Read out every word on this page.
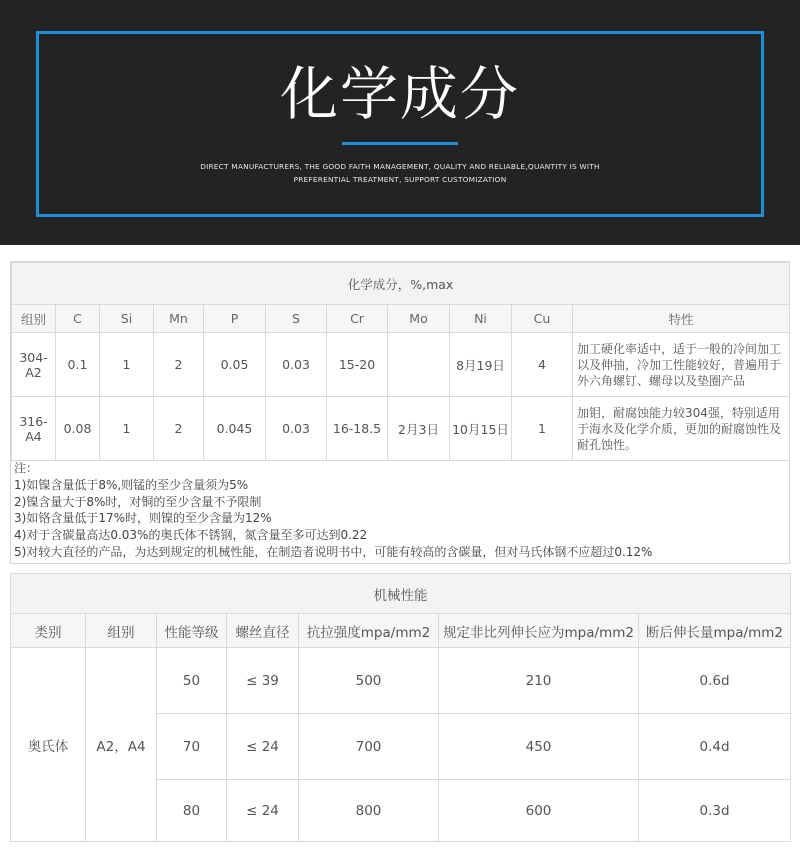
化学成分
DIRECT MANUFACTURERS, THE GOOD FAITH MANAGEMENT, QUALITY AND RELIABLE,QUANTITY IS WITH
PREFERENTIAL TREATMENT, SUPPORT CUSTOMIZATION
化学成分，%,max										
组别	C	Si	Mn	P	S	Cr	Mo	Ni	Cu	特性
304-A2	0.1	1	2	0.05	0.03	15-20		8月19日	4	加工硬化率适中，适于一般的冷间加工以及伸抽，冷加工性能较好，普遍用于外六角螺钉、螺母以及垫圈产品
316-A4	0.08	1	2	0.045	0.03	16-18.5	2月3日	10月15日	1	加钼，耐腐蚀能力较304强，特别适用于海水及化学介质，更加的耐腐蚀性及耐孔蚀性。
注：
1)如镍含量低于8%,则锰的至少含量须为5%
2)镍含量大于8%时，对铜的至少含量不予限制
3)如铬含量低于17%时，则镍的至少含量为12%
4)对于含碳量高达0.03%的奥氏体不锈钢，氮含量至多可达到0.22
5)对较大直径的产品，为达到规定的机械性能，在制造者说明书中，可能有较高的含碳量，但对马氏体钢不应超过0.12%
机械性能						
类别	组别	性能等级	螺丝直径	抗拉强度mpa/mm2	规定非比列伸长应为mpa/mm2	断后伸长量mpa/mm2
奥氏体	A2，A4	50	≤ 39	500	210	0.6d
		70	≤ 24	700	450	0.4d
		80	≤ 24	800	600	0.3d
